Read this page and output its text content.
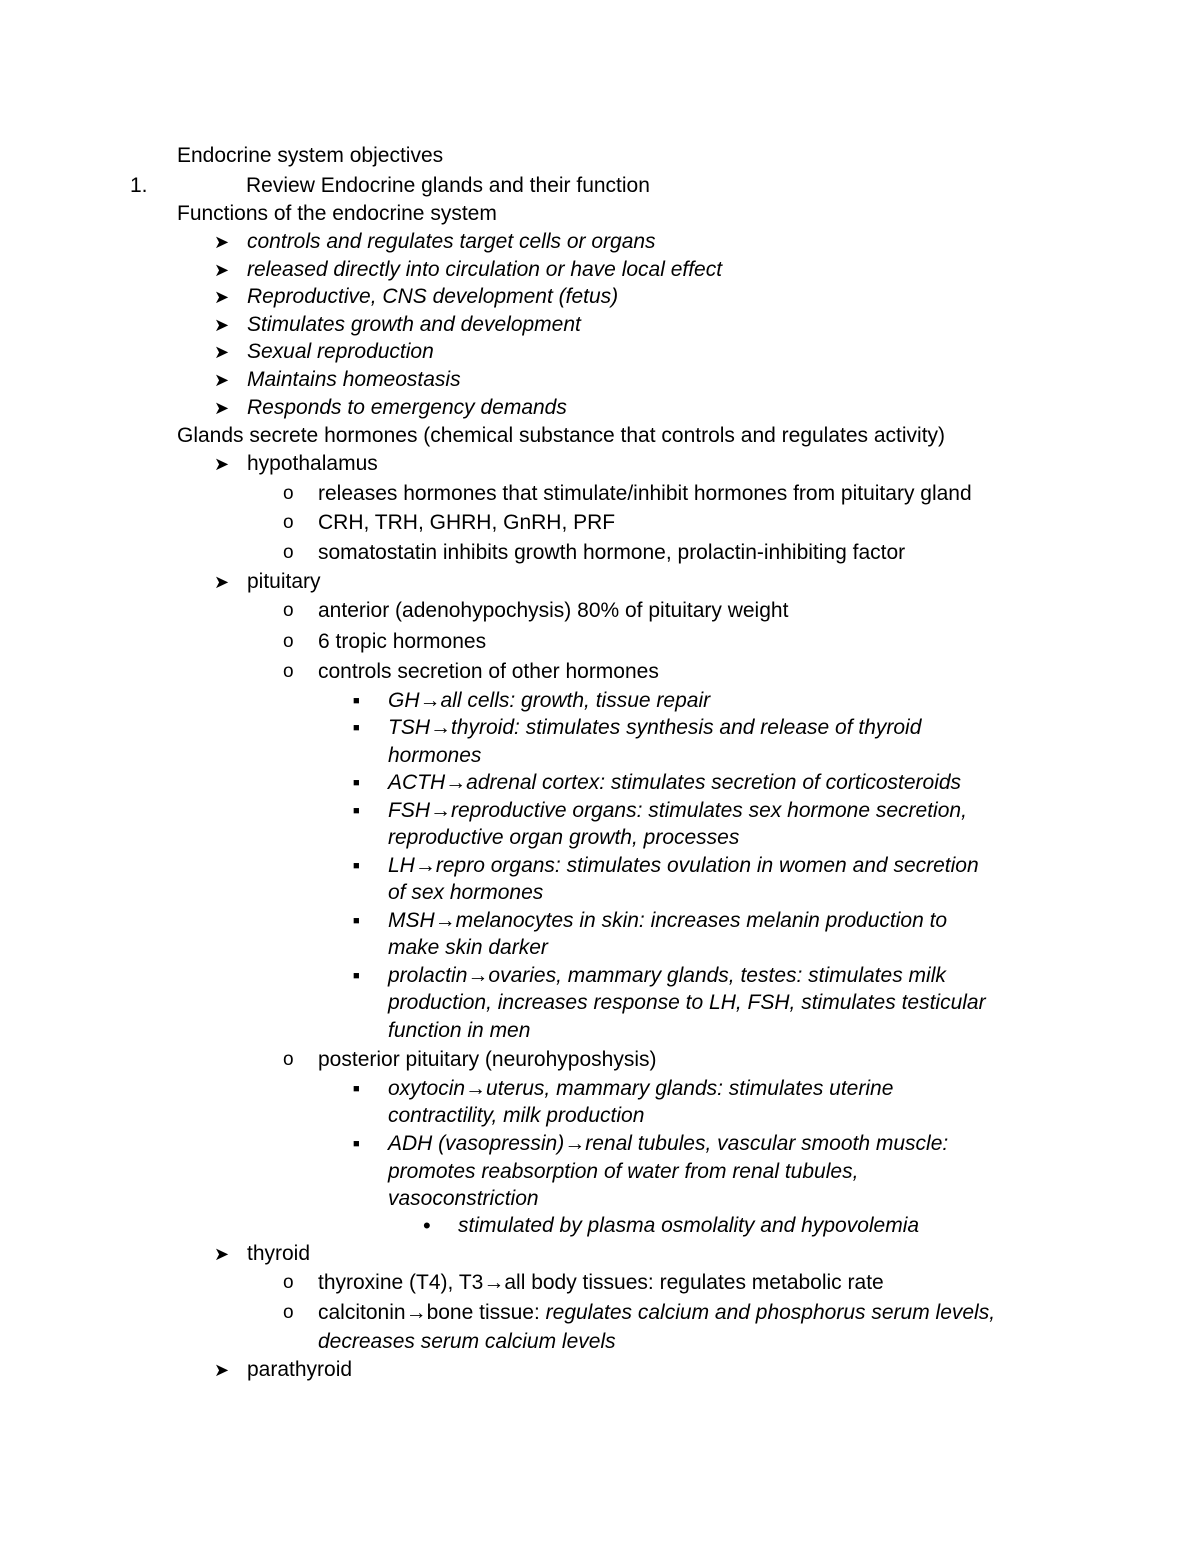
Endocrine system objectives
1.	Review Endocrine glands and their function
Functions of the endocrine system
➤ controls and regulates target cells or organs
➤ released directly into circulation or have local effect
➤ Reproductive, CNS development (fetus)
➤ Stimulates growth and development
➤ Sexual reproduction
➤ Maintains homeostasis
➤ Responds to emergency demands
Glands secrete hormones (chemical substance that controls and regulates activity)
➤ hypothalamus
o releases hormones that stimulate/inhibit hormones from pituitary gland
o CRH, TRH, GHRH, GnRH, PRF
o somatostatin inhibits growth hormone, prolactin-inhibiting factor
➤ pituitary
o anterior (adenohypochysis) 80% of pituitary weight
o 6 tropic hormones
o controls secretion of other hormones
■ GH→all cells: growth, tissue repair
■ TSH→thyroid: stimulates synthesis and release of thyroid
hormones
■ ACTH→adrenal cortex: stimulates secretion of corticosteroids
■ FSH→reproductive organs: stimulates sex hormone secretion,
reproductive organ growth, processes
■ LH→repro organs: stimulates ovulation in women and secretion
of sex hormones
■ MSH→melanocytes in skin: increases melanin production to
make skin darker
■ prolactin→ovaries, mammary glands, testes: stimulates milk
production, increases response to LH, FSH, stimulates testicular
function in men
o posterior pituitary (neurohyposhysis)
■ oxytocin→uterus, mammary glands: stimulates uterine
contractility, milk production
■ ADH (vasopressin)→renal tubules, vascular smooth muscle:
promotes reabsorption of water from renal tubules,
vasoconstriction
• stimulated by plasma osmolality and hypovolemia
➤ thyroid
o thyroxine (T4), T3→all body tissues: regulates metabolic rate
o calcitonin→bone tissue: regulates calcium and phosphorus serum levels,
decreases serum calcium levels
➤ parathyroid
